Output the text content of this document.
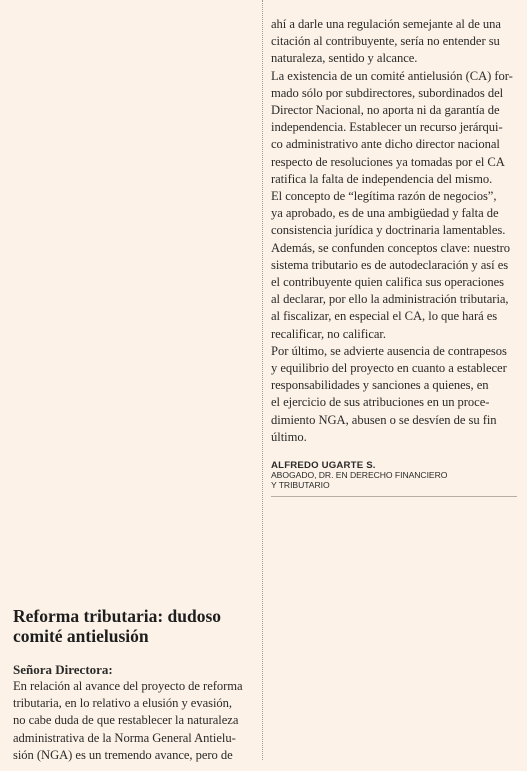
ahí a darle una regulación semejante al de una
citación al contribuyente, sería no entender su
naturaleza, sentido y alcance.

La existencia de un comité antielusión (CA) for-
mado sólo por subdirectores, subordinados del
Director Nacional, no aporta ni da garantía de
independencia. Establecer un recurso jerárqui-
co administrativo ante dicho director nacional
respecto de resoluciones ya tomadas por el CA
ratifica la falta de independencia del mismo.

El concepto de “legítima razón de negocios”,
ya aprobado, es de una ambigüedad y falta de
consistencia jurídica y doctrinaria lamentables.
Además, se confunden conceptos clave: nuestro
sistema tributario es de autodeclaración y así es
el contribuyente quien califica sus operaciones
al declarar, por ello la administración tributaria,
al fiscalizar, en especial el CA, lo que hará es
recalificar, no calificar.

Por último, se advierte ausencia de contrapesos
y equilibrio del proyecto en cuanto a establecer
responsabilidades y sanciones a quienes, en
el ejercicio de sus atribuciones en un proce-
dimiento NGA, abusen o se desvíen de su fin
último.

ALFREDO UGARTE S.
ABOGADO, DR. EN DERECHO FINANCIERO
Y TRIBUTARIO
Reforma tributaria: dudoso
comité antielusión
Señora Directora:

En relación al avance del proyecto de reforma
tributaria, en lo relativo a elusión y evasión,
no cabe duda de que restablecer la naturaleza
administrativa de la Norma General Antielu-
sión (NGA) es un tremendo avance, pero de
